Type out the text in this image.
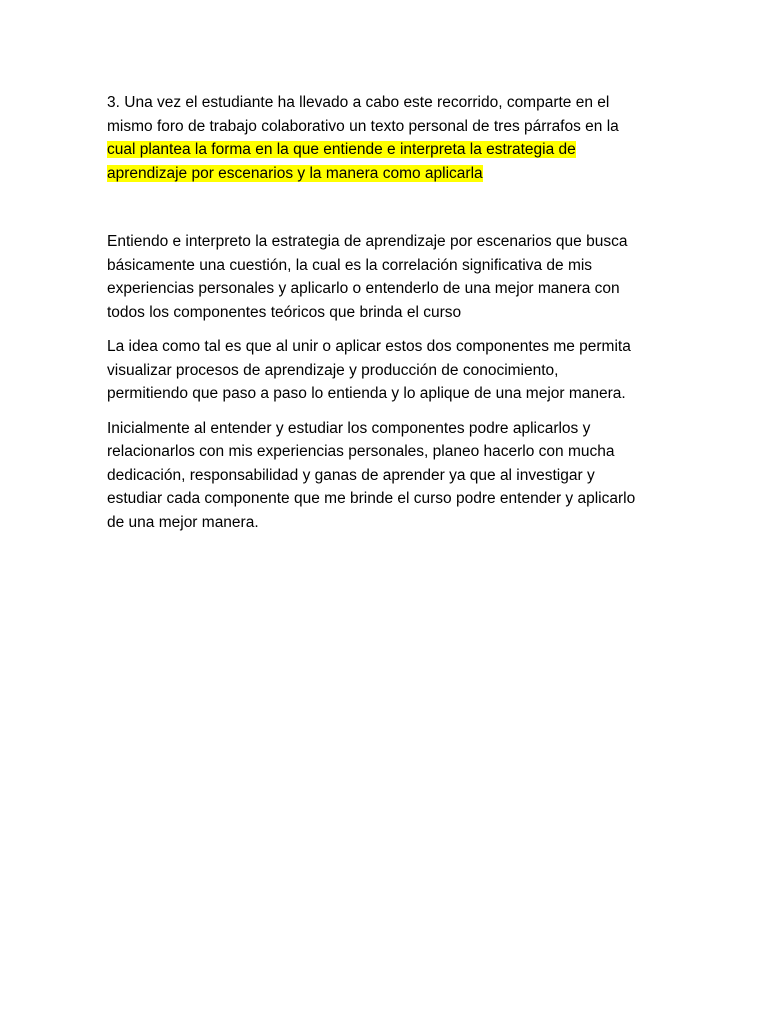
3. Una vez el estudiante ha llevado a cabo este recorrido, comparte en el
mismo foro de trabajo colaborativo un texto personal de tres párrafos en la
cual plantea la forma en la que entiende e interpreta la estrategia de
aprendizaje por escenarios y la manera como aplicarla
Entiendo e interpreto la estrategia de aprendizaje por escenarios que busca
básicamente una cuestión, la cual es la correlación significativa de mis
experiencias personales y aplicarlo o entenderlo de una mejor manera con
todos los componentes teóricos que brinda el curso
La idea como tal es que al unir o aplicar estos dos componentes me permita
visualizar procesos de aprendizaje y producción de conocimiento,
permitiendo que paso a paso lo entienda y lo aplique de una mejor manera.
Inicialmente al entender y estudiar los componentes podre aplicarlos y
relacionarlos con mis experiencias personales, planeo hacerlo con mucha
dedicación, responsabilidad y ganas de aprender ya que al investigar y
estudiar cada componente que me brinde el curso podre entender y aplicarlo
de una mejor manera.
